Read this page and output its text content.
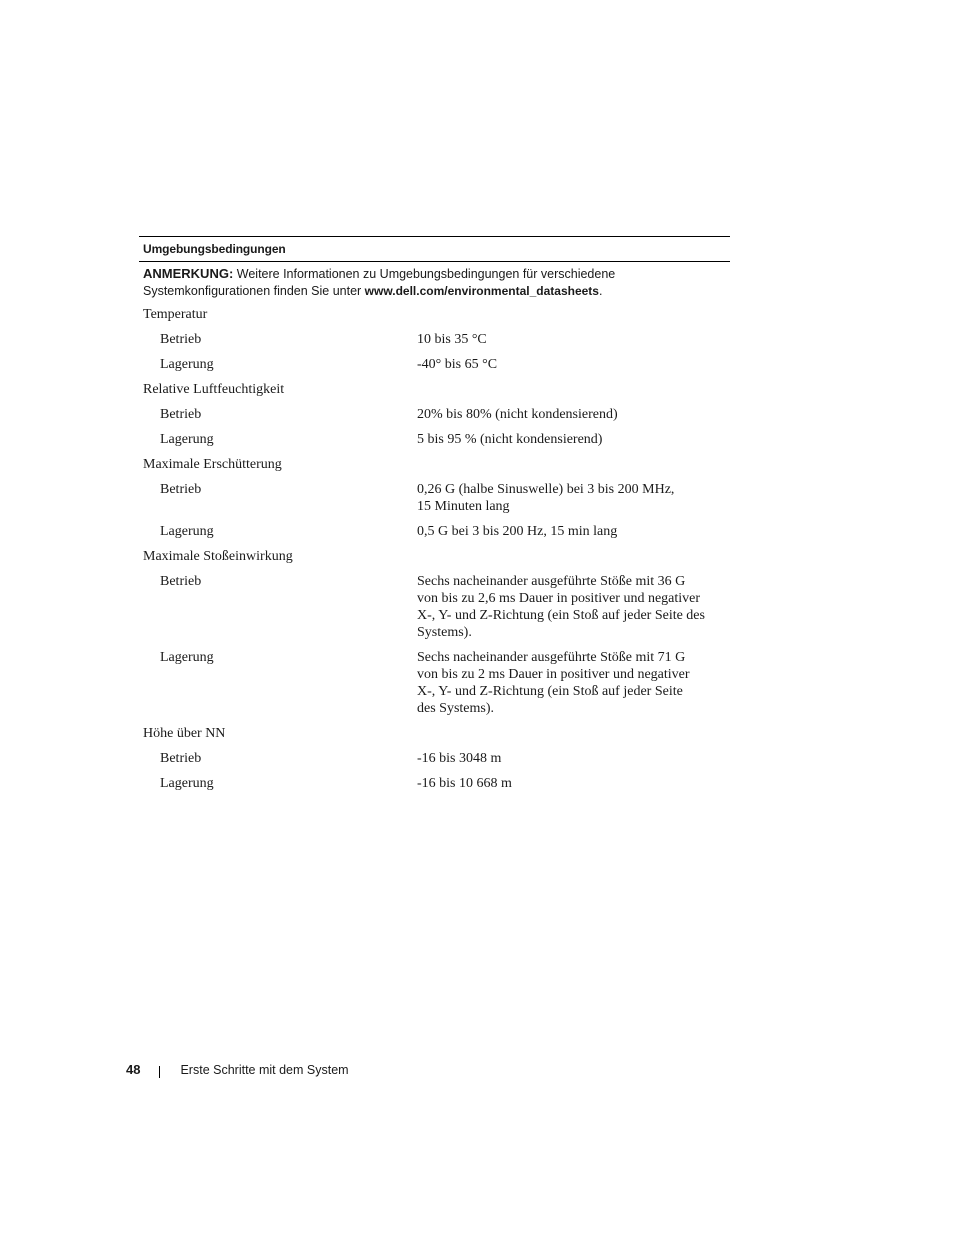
Umgebungsbedingungen
ANMERKUNG: Weitere Informationen zu Umgebungsbedingungen für verschiedene Systemkonfigurationen finden Sie unter www.dell.com/environmental_datasheets.
Temperatur
Betrieb	10 bis 35 °C
Lagerung	-40° bis 65 °C
Relative Luftfeuchtigkeit
Betrieb	20% bis 80% (nicht kondensierend)
Lagerung	5 bis 95 % (nicht kondensierend)
Maximale Erschütterung
Betrieb	0,26 G (halbe Sinuswelle) bei 3 bis 200 MHz,
15 Minuten lang
Lagerung	0,5 G bei 3 bis 200 Hz, 15 min lang
Maximale Stoßeinwirkung
Betrieb	Sechs nacheinander ausgeführte Stöße mit 36 G
von bis zu 2,6 ms Dauer in positiver und negativer
X-, Y- und Z-Richtung (ein Stoß auf jeder Seite des
Systems).
Lagerung	Sechs nacheinander ausgeführte Stöße mit 71 G
von bis zu 2 ms Dauer in positiver und negativer
X-, Y- und Z-Richtung (ein Stoß auf jeder Seite
des Systems).
Höhe über NN
Betrieb	-16 bis 3048 m
Lagerung	-16 bis 10 668 m
48	Erste Schritte mit dem System
